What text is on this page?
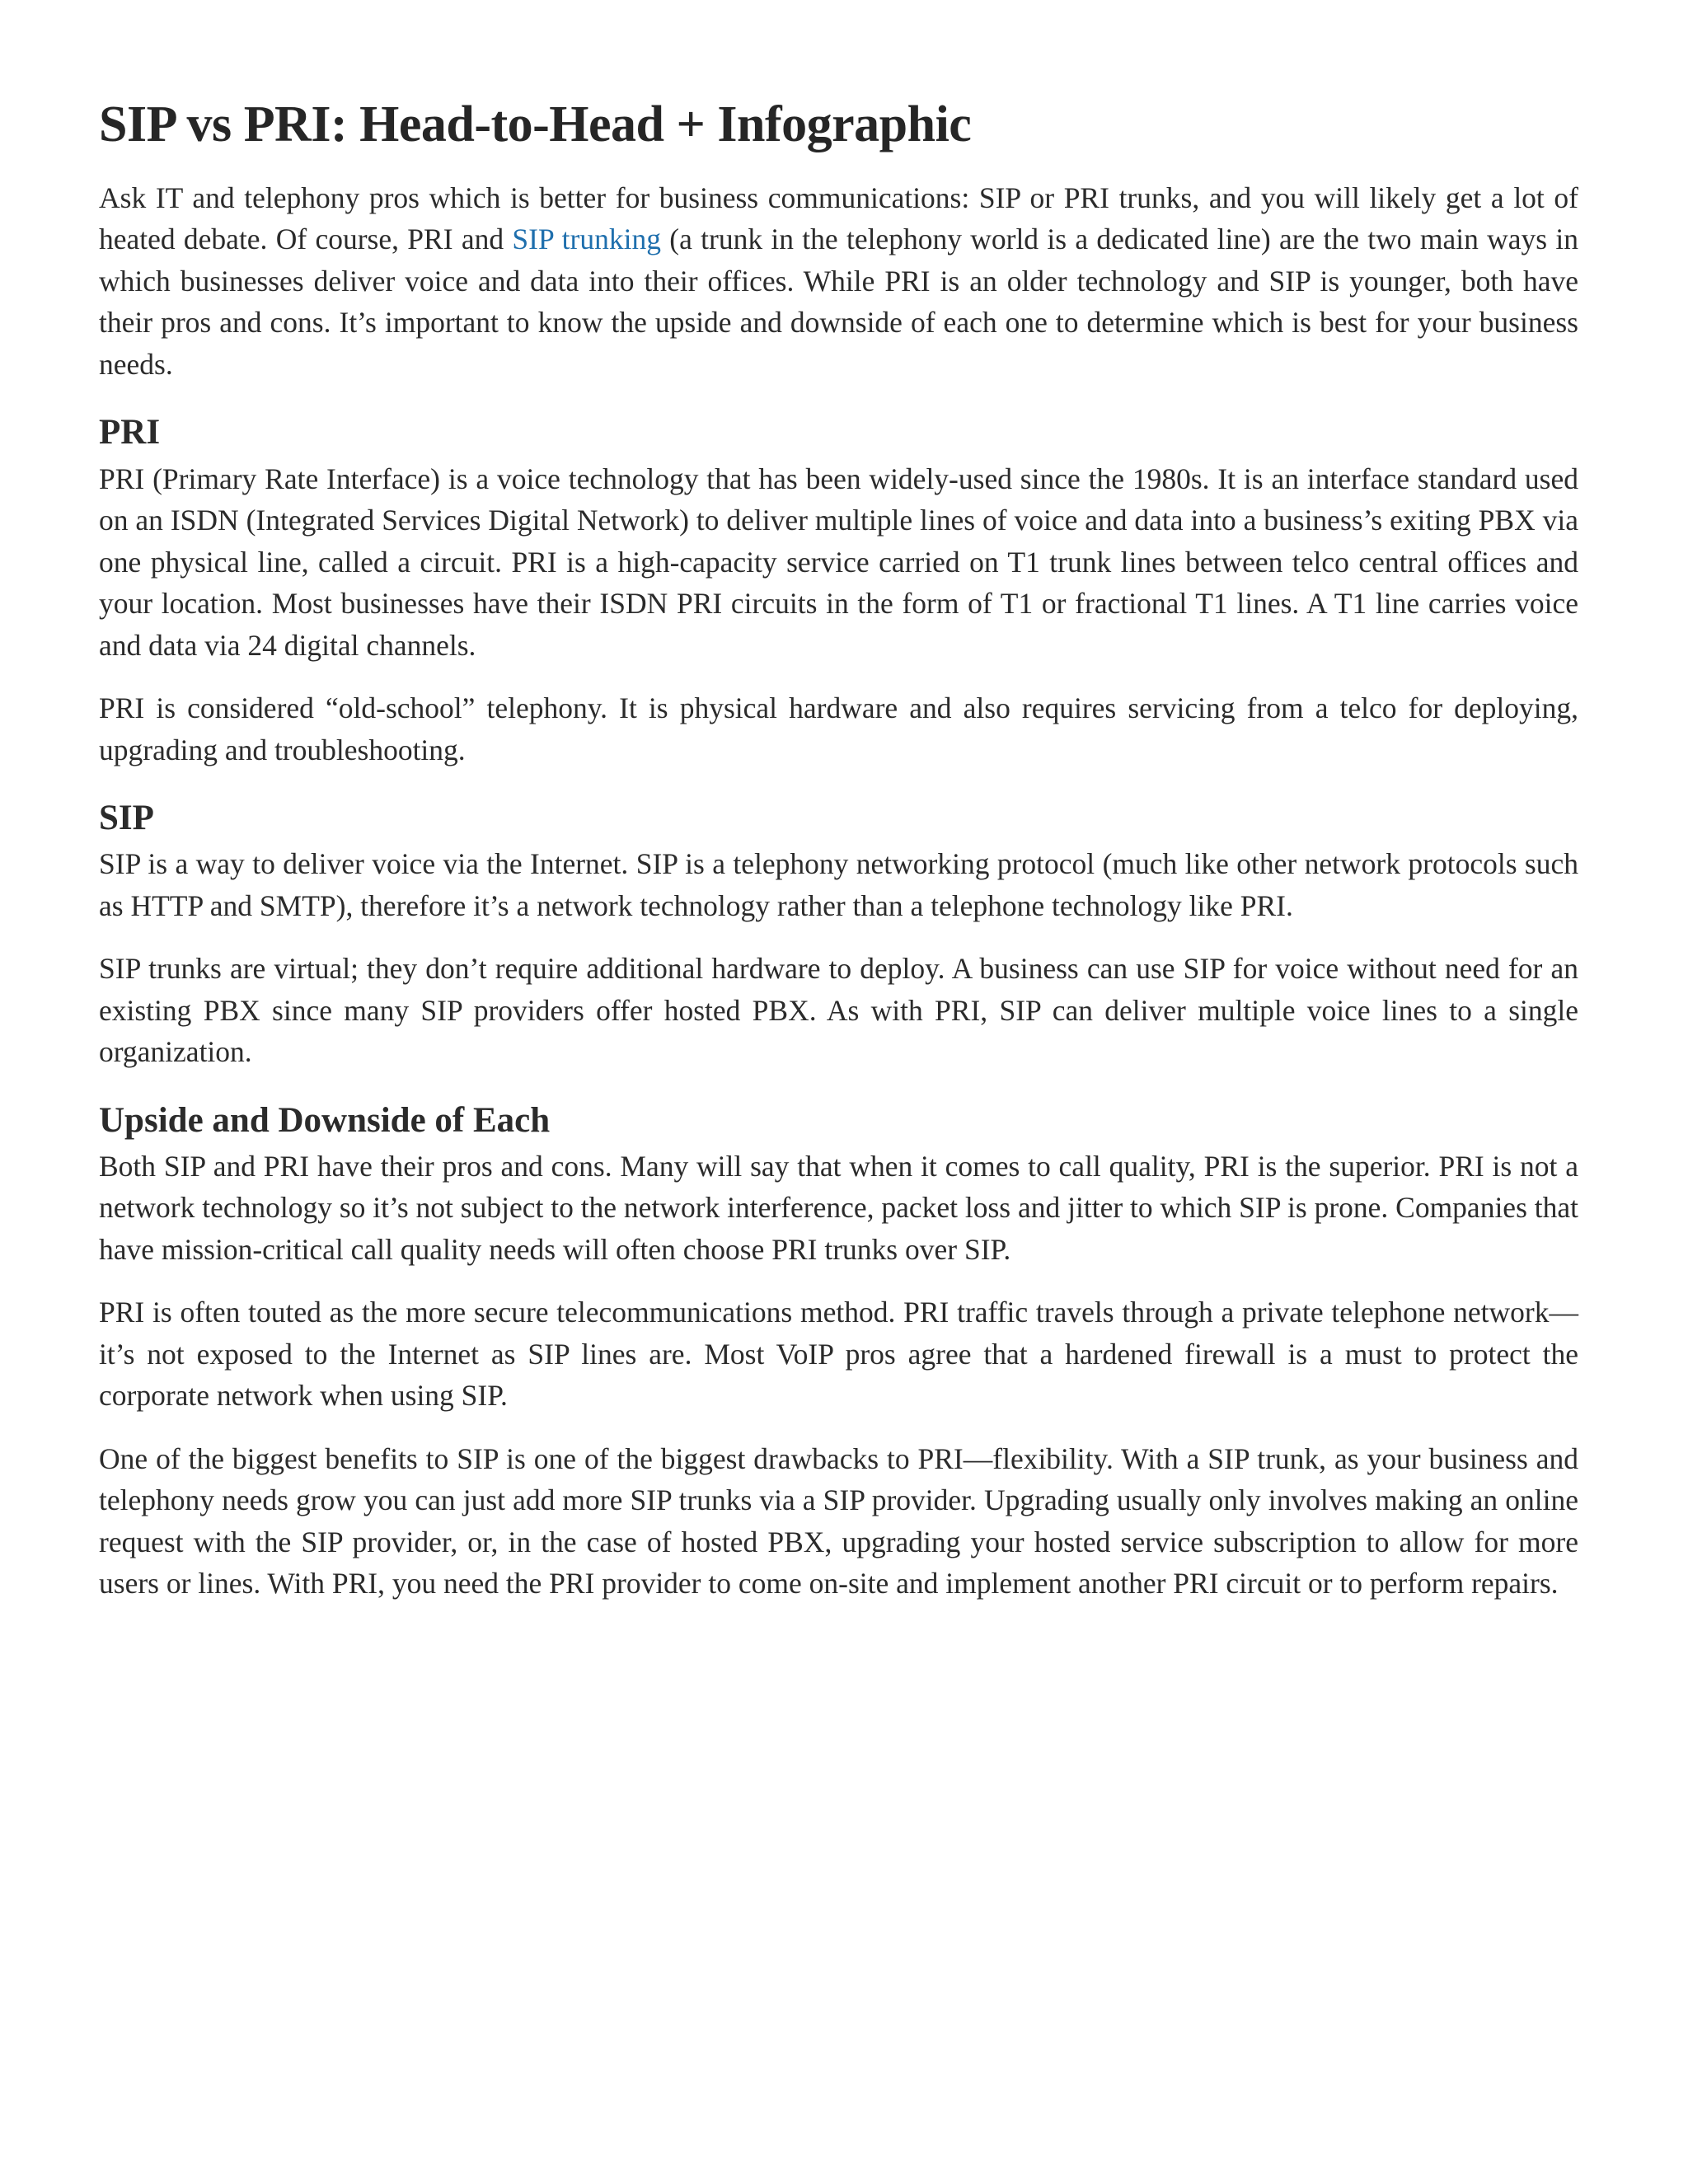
SIP vs PRI: Head-to-Head + Infographic

Ask IT and telephony pros which is better for business communications: SIP or PRI trunks, and you will likely get a lot of heated debate. Of course, PRI and SIP trunking (a trunk in the telephony world is a dedicated line) are the two main ways in which businesses deliver voice and data into their offices. While PRI is an older technology and SIP is younger, both have their pros and cons. It’s important to know the upside and downside of each one to determine which is best for your business needs.

PRI

PRI (Primary Rate Interface) is a voice technology that has been widely-used since the 1980s. It is an interface standard used on an ISDN (Integrated Services Digital Network) to deliver multiple lines of voice and data into a business’s exiting PBX via one physical line, called a circuit. PRI is a high-capacity service carried on T1 trunk lines between telco central offices and your location. Most businesses have their ISDN PRI circuits in the form of T1 or fractional T1 lines. A T1 line carries voice and data via 24 digital channels.

PRI is considered “old-school” telephony. It is physical hardware and also requires servicing from a telco for deploying, upgrading and troubleshooting.

SIP

SIP is a way to deliver voice via the Internet. SIP is a telephony networking protocol (much like other network protocols such as HTTP and SMTP), therefore it’s a network technology rather than a telephone technology like PRI.

SIP trunks are virtual; they don’t require additional hardware to deploy. A business can use SIP for voice without need for an existing PBX since many SIP providers offer hosted PBX. As with PRI, SIP can deliver multiple voice lines to a single organization.

Upside and Downside of Each

Both SIP and PRI have their pros and cons. Many will say that when it comes to call quality, PRI is the superior. PRI is not a network technology so it’s not subject to the network interference, packet loss and jitter to which SIP is prone. Companies that have mission-critical call quality needs will often choose PRI trunks over SIP.

PRI is often touted as the more secure telecommunications method. PRI traffic travels through a private telephone network—it’s not exposed to the Internet as SIP lines are. Most VoIP pros agree that a hardened firewall is a must to protect the corporate network when using SIP.

One of the biggest benefits to SIP is one of the biggest drawbacks to PRI—flexibility. With a SIP trunk, as your business and telephony needs grow you can just add more SIP trunks via a SIP provider. Upgrading usually only involves making an online request with the SIP provider, or, in the case of hosted PBX, upgrading your hosted service subscription to allow for more users or lines. With PRI, you need the PRI provider to come on-site and implement another PRI circuit or to perform repairs.
